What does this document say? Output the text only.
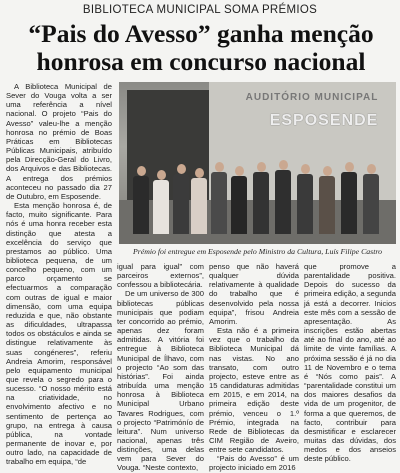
BIBLIOTECA MUNICIPAL SOMA PRÉMIOS
“Pais do Avesso” ganha menção
honrosa em concurso nacional

A Biblioteca Municipal de Sever do Vouga volta a ser uma referência a nível nacional. O projeto “Pais do Avesso” valeu-lhe a menção honrosa no prémio de Boas Práticas em Bibliotecas Públicas Municipais, atribuído pela Direcção-Geral do Livro, dos Arquivos e das Bibliotecas. A entrega dos prémios aconteceu no passado dia 27 de Outubro, em Esposende.

Esta menção honrosa é, de facto, muito significante. Para nós é uma honra receber esta distinção que atesta a excelência do serviço que prestamos ao público. Uma biblioteca pequena, de um concelho pequeno, com um parco orçamento se efectuarmos a comparação com outras de igual e maior dimensão, com uma equipa reduzida e que, não obstante as dificuldades, ultrapassa todos os obstáculos e ainda se distingue relativamente às suas congéneres”, referiu Andreia Amorim, responsável pelo equipamento municipal que revela o segredo para o sucesso. “O nosso mérito está na criatividade, no envolvimento afectivo e no sentimento de pertença ao grupo, na entrega à causa pública, na vontade permanente de inovar e, por outro lado, na capacidade de trabalho em equipa, “de

AUDITÓRIO MUNICIPAL
ESPOSENDE
Prémio foi entregue em Esposende pelo Ministro da Cultura, Luís Filipe Castro

igual para igual” com parceiros externos”, confessou a bibliotecária.

De um universo de 300 bibliotecas públicas municipais que podiam ter concorrido ao prémio, apenas dez foram admitidas. A vitória foi entregue à Biblioteca Municipal de Ílhavo, com o projecto “Ao som das histórias”. Foi ainda atribuída uma menção honrosa à Biblioteca Municipal Urbano Tavares Rodrigues, com o projecto “Patrimónío de leitura”. Num universo nacional, apenas três distinções, uma delas vem para Sever do Vouga. “Neste contexto,

penso que não haverá qualquer dúvida relativamente à qualidade do trabalho que é desenvolvido pela nossa equipa”, frisou Andreia Amorim.

Esta não é a primeira vez que o trabalho da Biblioteca Municipal dá nas vistas. No ano transato, com outro projecto, esteve entre as 15 candidaturas admitidas em 2015, e em 2014, na primeira edição deste prémio, venceu o 1.º Prémio, integrada na Rede de Bibliotecas da CIM Região de Aveiro, entre sete candidatos.

“Pais do Avesso” é um projecto iniciado em 2016

que promove a parentalidade positiva. Depois do sucesso da primeira edição, a segunda já está a decorrer. Inicios este mês com a sessão de apresentação. As inscrições estão abertas até ao final do ano, até ao limite de vinte famílias. A próxima sessão é já no dia 11 de Novembro e o tema é “Nós como pais”. A “parentalidade constitui um dos maiores desafios da vida de um progenitor, de forma a que queremos, de facto, contribuir para desmistificar e esclarecer muitas das dúvidas, dos medos e dos anseios deste público.
